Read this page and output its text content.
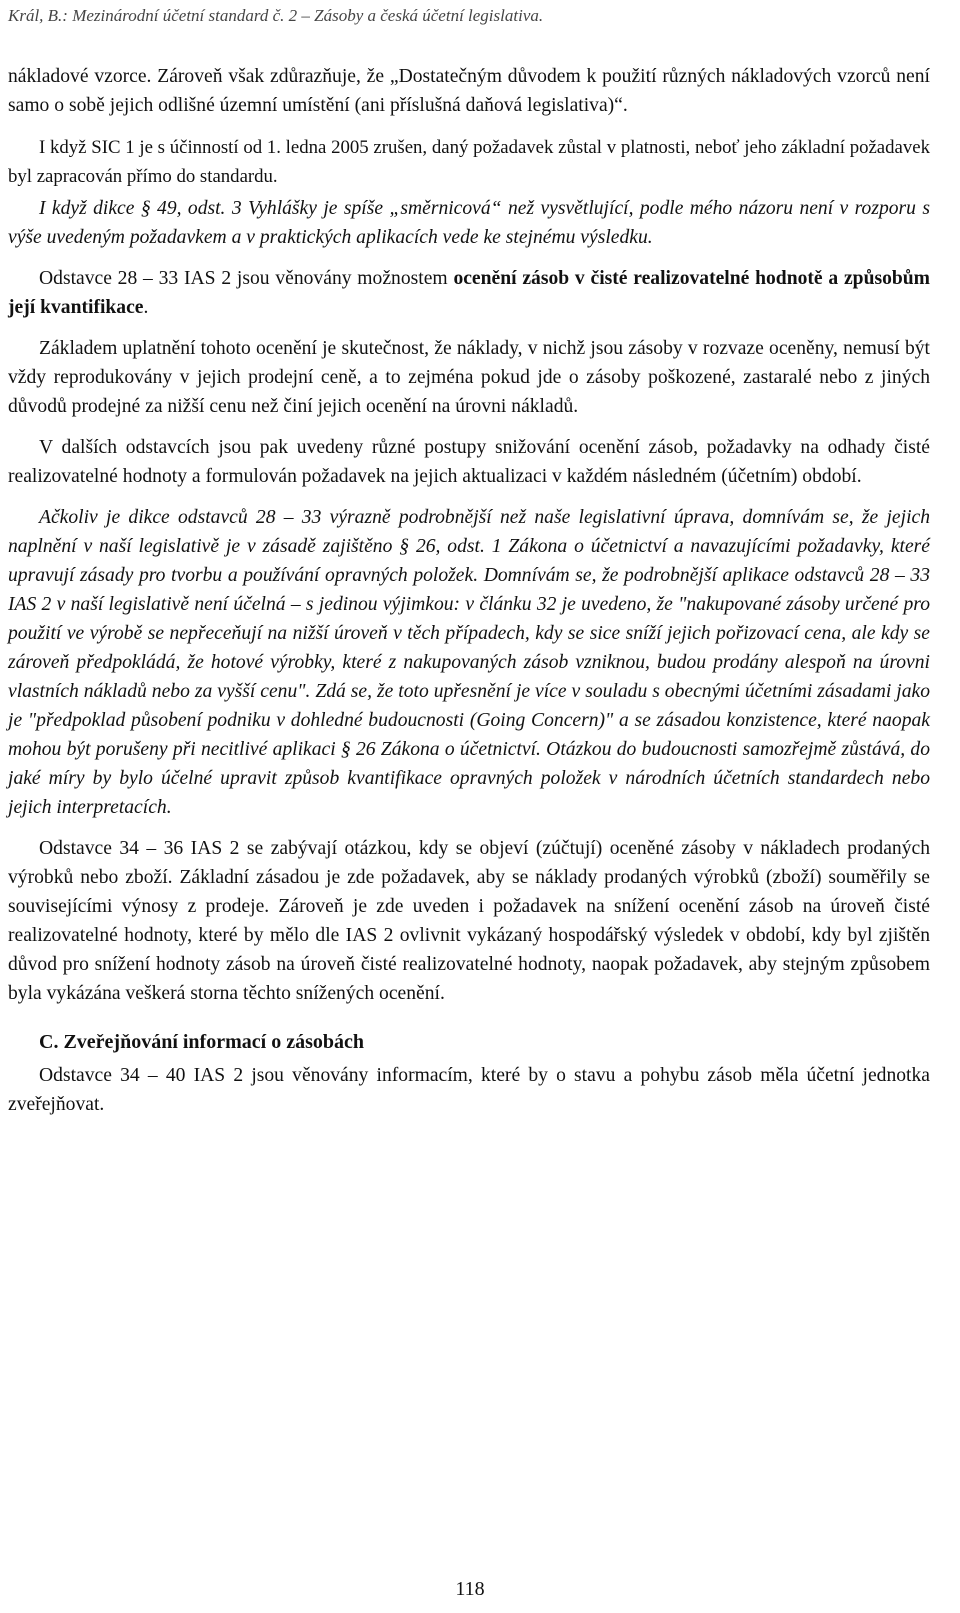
Král, B.: Mezinárodní účetní standard č. 2 – Zásoby a česká účetní legislativa.

nákladové vzorce. Zároveň však zdůrazňuje, že „Dostatečným důvodem k použití různých nákladových vzorců není samo o sobě jejich odlišné územní umístění (ani příslušná daňová legislativa)“.

I když SIC 1 je s účinností od 1. ledna 2005 zrušen, daný požadavek zůstal v platnosti, neboť jeho základní požadavek byl zapracován přímo do standardu.

I když dikce § 49, odst. 3 Vyhlášky je spíše „směrnicová“ než vysvětlující, podle mého názoru není v rozporu s výše uvedeným požadavkem a v praktických aplikacích vede ke stejnému výsledku.

Odstavce 28 – 33 IAS 2 jsou věnovány možnostem ocenění zásob v čisté realizovatelné hodnotě a způsobům její kvantifikace.

Základem uplatnění tohoto ocenění je skutečnost, že náklady, v nichž jsou zásoby v rozvaze oceněny, nemusí být vždy reprodukovány v jejich prodejní ceně, a to zejména pokud jde o zásoby poškozené, zastaralé nebo z jiných důvodů prodejné za nižší cenu než činí jejich ocenění na úrovni nákladů.

V dalších odstavcích jsou pak uvedeny různé postupy snižování ocenění zásob, požadavky na odhady čisté realizovatelné hodnoty a formulován požadavek na jejich aktualizaci v každém následném (účetním) období.

Ačkoliv je dikce odstavců 28 – 33 výrazně podrobnější než naše legislativní úprava, domnívám se, že jejich naplnění v naší legislativě je v zásadě zajištěno § 26, odst. 1 Zákona o účetnictví a navazujícími požadavky, které upravují zásady pro tvorbu a používání opravných položek. Domnívám se, že podrobnější aplikace odstavců 28 – 33 IAS 2 v naší legislativě není účelná – s jedinou výjimkou: v článku 32 je uvedeno, že "nakupované zásoby určené pro použití ve výrobě se nepřeceňují na nižší úroveň v těch případech, kdy se sice sníží jejich pořizovací cena, ale kdy se zároveň předpokládá, že hotové výrobky, které z nakupovaných zásob vzniknou, budou prodány alespoň na úrovni vlastních nákladů nebo za vyšší cenu". Zdá se, že toto upřesnění je více v souladu s obecnými účetními zásadami jako je "předpoklad působení podniku v dohledné budoucnosti (Going Concern)" a se zásadou konzistence, které naopak mohou být porušeny při necitlivé aplikaci § 26 Zákona o účetnictví. Otázkou do budoucnosti samozřejmě zůstává, do jaké míry by bylo účelné upravit způsob kvantifikace opravných položek v národních účetních standardech nebo jejich interpretacích.

Odstavce 34 – 36 IAS 2 se zabývají otázkou, kdy se objeví (zúčtují) oceněné zásoby v nákladech prodaných výrobků nebo zboží. Základní zásadou je zde požadavek, aby se náklady prodaných výrobků (zboží) souměřily se souvisejícími výnosy z prodeje. Zároveň je zde uveden i požadavek na snížení ocenění zásob na úroveň čisté realizovatelné hodnoty, které by mělo dle IAS 2 ovlivnit vykázaný hospodářský výsledek v období, kdy byl zjištěn důvod pro snížení hodnoty zásob na úroveň čisté realizovatelné hodnoty, naopak požadavek, aby stejným způsobem byla vykázána veškerá storna těchto snížených ocenění.

C. Zveřejňování informací o zásobách

Odstavce 34 – 40 IAS 2 jsou věnovány informacím, které by o stavu a pohybu zásob měla účetní jednotka zveřejňovat.

118
